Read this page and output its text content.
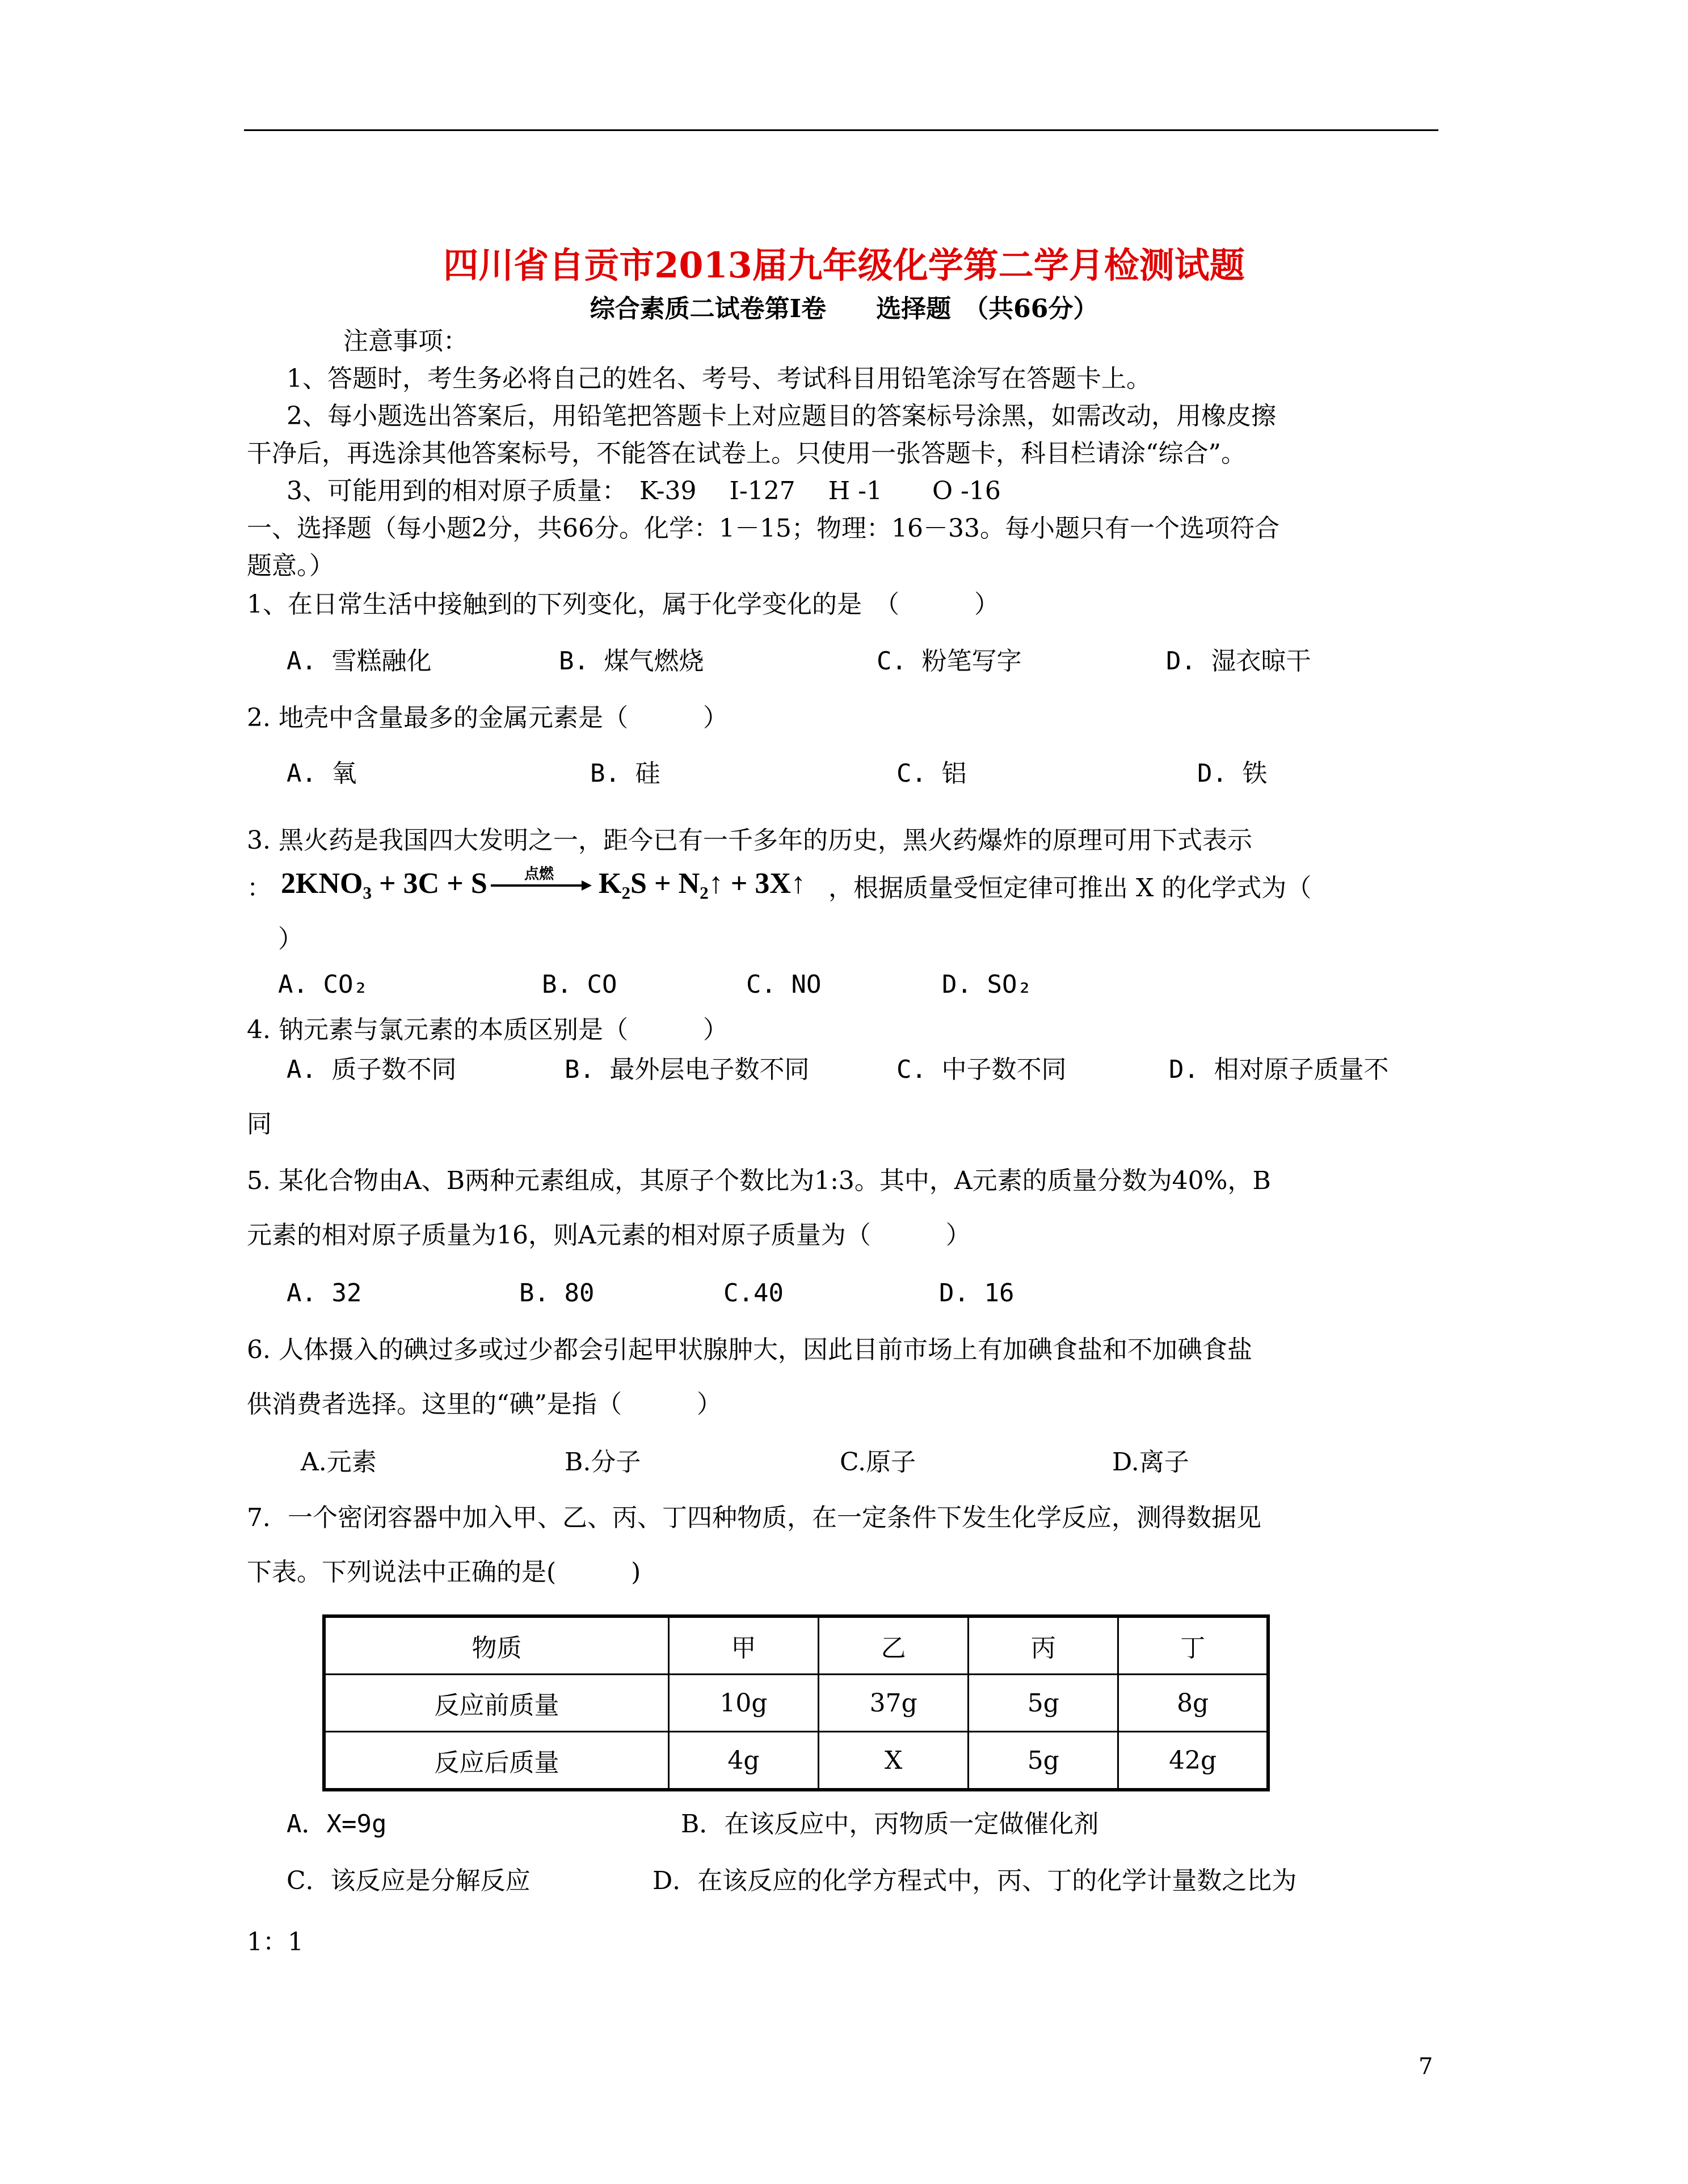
四川省自贡市2013届九年级化学第二学月检测试题
综合素质二试卷第Ⅰ卷　　选择题　（共66分）
注意事项：
1、答题时，考生务必将自己的姓名、考号、考试科目用铅笔涂写在答题卡上。
2、每小题选出答案后，用铅笔把答题卡上对应题目的答案标号涂黑，如需改动，用橡皮擦
干净后，再选涂其他答案标号，不能答在试卷上。只使用一张答题卡，科目栏请涂“综合”。
3、可能用到的相对原子质量：　K-39　 I-127　 H -1　　O -16
一、选择题（每小题2分，共66分。化学：1－15；物理：16－33。每小题只有一个选项符合
题意。）
1、在日常生活中接触到的下列变化，属于化学变化的是　（　　　）
A. 雪糕融化	B. 煤气燃烧	C. 粉笔写字	D. 湿衣晾干
2. 地壳中含量最多的金属元素是（　　　）
A. 氧	B. 硅	C. 铝	D. 铁
3. 黑火药是我国四大发明之一，距今已有一千多年的历史，黑火药爆炸的原理可用下式表示
： 2KNO₃ + 3C + S	点燃	K₂S + N₂↑ + 3X↑ ，根据质量受恒定律可推出 X 的化学式为（
）
A. CO₂	B. CO	C. NO	D. SO₂
4. 钠元素与氯元素的本质区别是（　　　）
A. 质子数不同	B. 最外层电子数不同	C. 中子数不同	D. 相对原子质量不
同
5. 某化合物由A、B两种元素组成，其原子个数比为1:3。其中，A元素的质量分数为40%，B
元素的相对原子质量为16，则A元素的相对原子质量为（　　　）
A. 32	B. 80	C.40	D. 16
6. 人体摄入的碘过多或过少都会引起甲状腺肿大，因此目前市场上有加碘食盐和不加碘食盐
供消费者选择。这里的“碘”是指（　　　）
A.元素	B.分子	C.原子	D.离子
7．一个密闭容器中加入甲、乙、丙、丁四种物质，在一定条件下发生化学反应，测得数据见
下表。下列说法中正确的是(　　　)
物质	甲	乙	丙	丁
反应前质量	10g	37g	5g	8g
反应后质量	4g	X	5g	42g
A．X=9g	B．在该反应中，丙物质一定做催化剂
C．该反应是分解反应	D．在该反应的化学方程式中，丙、丁的化学计量数之比为
1：1
7
